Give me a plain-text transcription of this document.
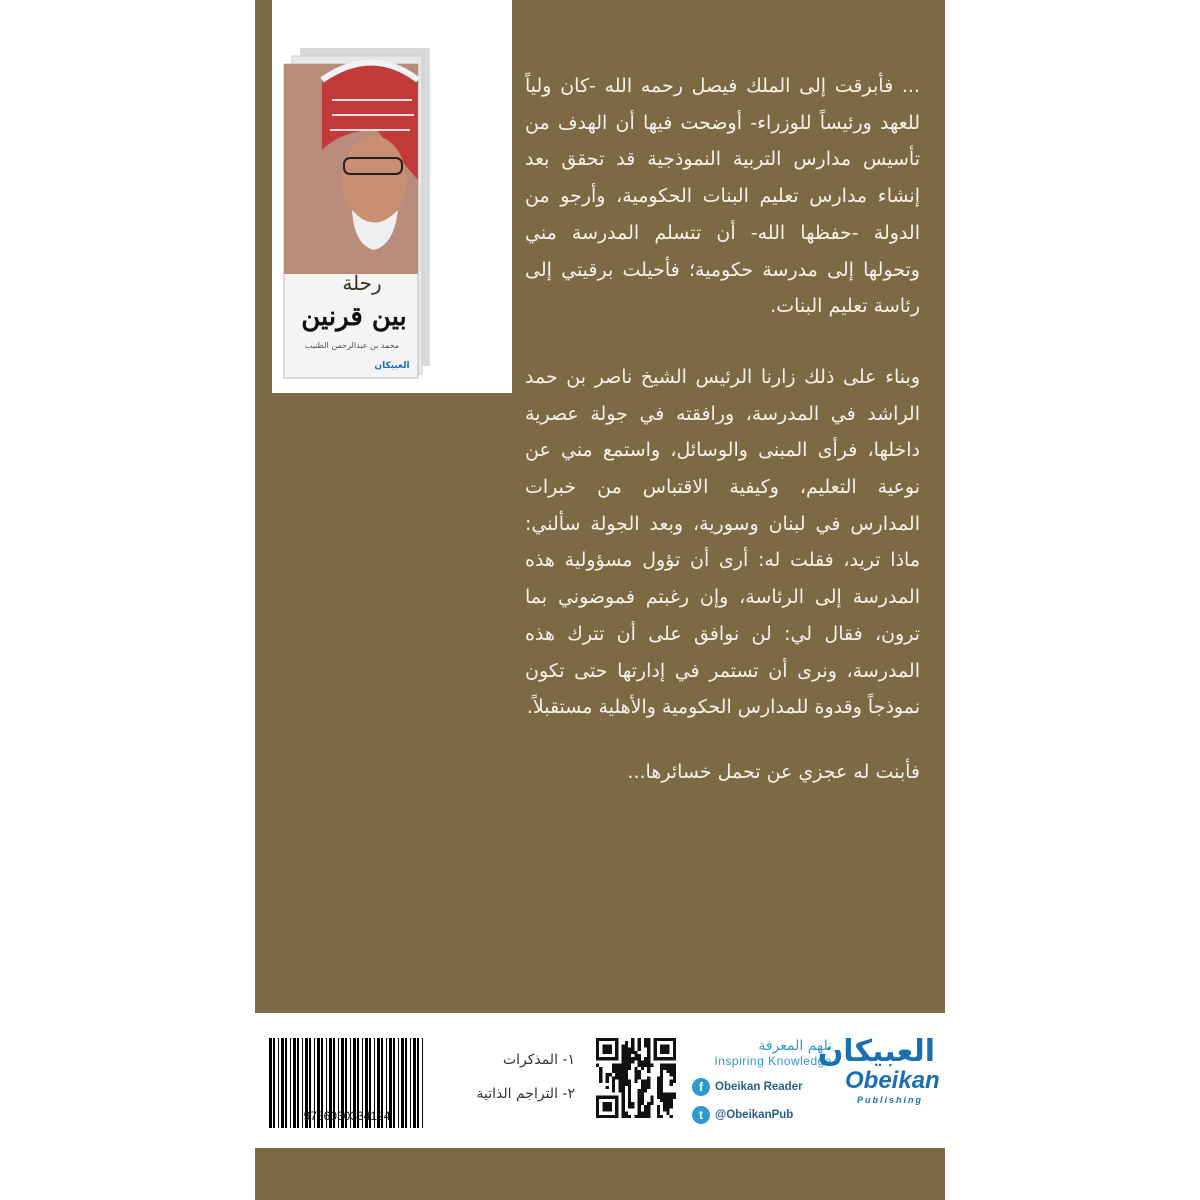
رحلة
بين قرنين
محمد بن عبدالرحمن الطنيب
العبيكان

... فأبرقت إلى الملك فيصل رحمه الله -كان ولياً للعهد ورئيساً للوزراء- أوضحت فيها أن الهدف من تأسيس مدارس التربية النموذجية قد تحقق بعد إنشاء مدارس تعليم البنات الحكومية، وأرجو من الدولة -حفظها الله- أن تتسلم المدرسة مني وتحولها إلى مدرسة حكومية؛ فأحيلت برقيتي إلى رئاسة تعليم البنات.

وبناء على ذلك زارنا الرئيس الشيخ ناصر بن حمد الراشد في المدرسة، ورافقته في جولة عصرية داخلها، فرأى المبنى والوسائل، واستمع مني عن نوعية التعليم، وكيفية الاقتباس من خبرات المدارس في لبنان وسورية، وبعد الجولة سألني: ماذا تريد، فقلت له: أرى أن تؤول مسؤولية هذه المدرسة إلى الرئاسة، وإن رغبتم فموضوني بما ترون، فقال لي: لن نوافق على أن تترك هذه المدرسة، ونرى أن تستمر في إدارتها حتى تكون نموذجاً وقدوة للمدارس الحكومية والأهلية مستقبلاً.

فأبنت له عجزي عن تحمل خسائرها...

9786030334124
١- المذكرات
٢- التراجم الذاتية
نلهم المعرفة
Inspiring Knowledge
f	Obeikan Reader
t	@ObeikanPub
العبيكان
Obeikan
Publishing
